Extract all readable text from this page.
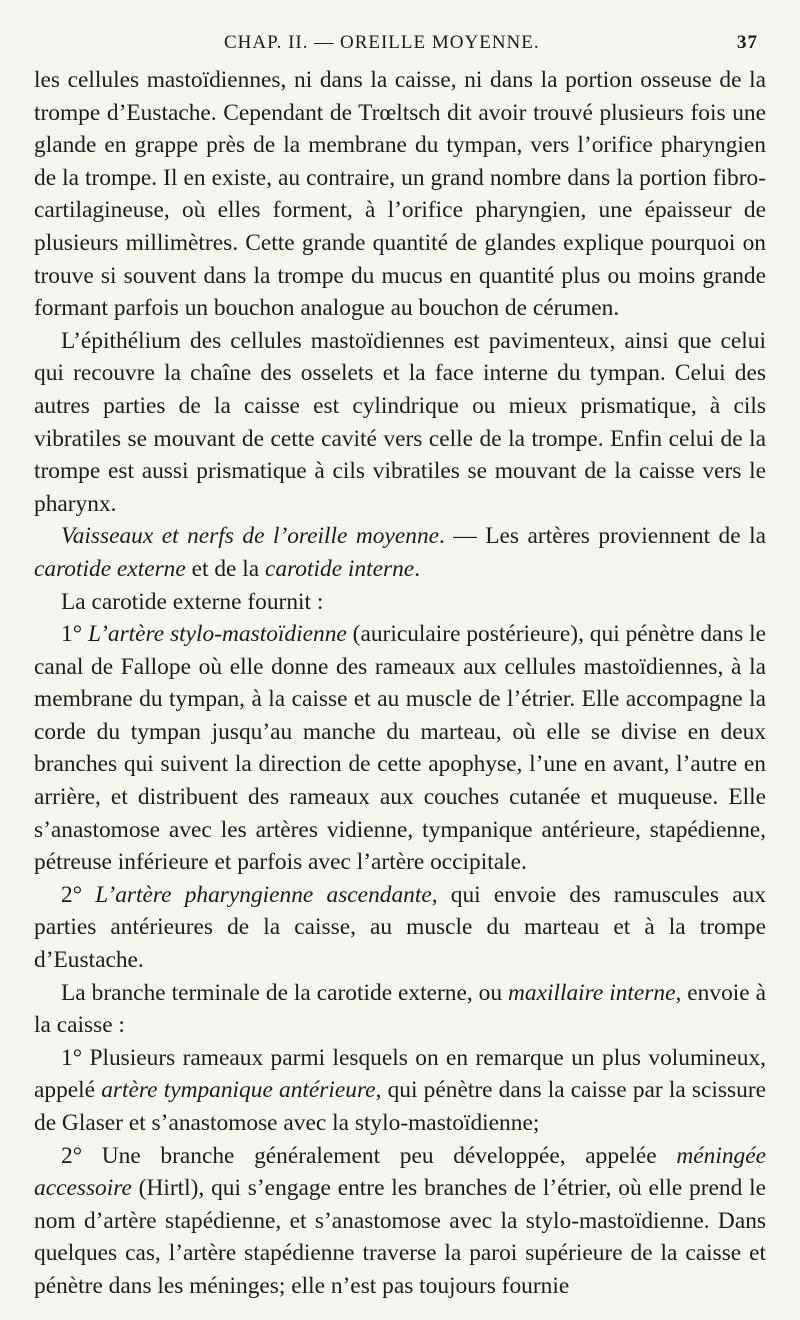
CHAP. II. — OREILLE MOYENNE.	37

les cellules mastoïdiennes, ni dans la caisse, ni dans la portion osseuse de la trompe d’Eustache. Cependant de Trœltsch dit avoir trouvé plusieurs fois une glande en grappe près de la membrane du tympan, vers l’orifice pharyngien de la trompe. Il en existe, au contraire, un grand nombre dans la portion fibro-cartilagineuse, où elles forment, à l’orifice pharyngien, une épaisseur de plusieurs millimètres. Cette grande quantité de glandes explique pourquoi on trouve si souvent dans la trompe du mucus en quantité plus ou moins grande formant parfois un bouchon analogue au bouchon de cérumen.

L’épithélium des cellules mastoïdiennes est pavimenteux, ainsi que celui qui recouvre la chaîne des osselets et la face interne du tympan. Celui des autres parties de la caisse est cylindrique ou mieux prismatique, à cils vibratiles se mouvant de cette cavité vers celle de la trompe. Enfin celui de la trompe est aussi prismatique à cils vibratiles se mouvant de la caisse vers le pharynx.

Vaisseaux et nerfs de l’oreille moyenne. — Les artères proviennent de la carotide externe et de la carotide interne.

La carotide externe fournit :

1° L’artère stylo-mastoïdienne (auriculaire postérieure), qui pénètre dans le canal de Fallope où elle donne des rameaux aux cellules mastoïdiennes, à la membrane du tympan, à la caisse et au muscle de l’étrier. Elle accompagne la corde du tympan jusqu’au manche du marteau, où elle se divise en deux branches qui suivent la direction de cette apophyse, l’une en avant, l’autre en arrière, et distribuent des rameaux aux couches cutanée et muqueuse. Elle s’anastomose avec les artères vidienne, tympanique antérieure, stapédienne, pétreuse inférieure et parfois avec l’artère occipitale.

2° L’artère pharyngienne ascendante, qui envoie des ramuscules aux parties antérieures de la caisse, au muscle du marteau et à la trompe d’Eustache.

La branche terminale de la carotide externe, ou maxillaire interne, envoie à la caisse :

1° Plusieurs rameaux parmi lesquels on en remarque un plus volumineux, appelé artère tympanique antérieure, qui pénètre dans la caisse par la scissure de Glaser et s’anastomose avec la stylo-mastoïdienne;

2° Une branche généralement peu développée, appelée méningée accessoire (Hirtl), qui s’engage entre les branches de l’étrier, où elle prend le nom d’artère stapédienne, et s’anastomose avec la stylo-mastoïdienne. Dans quelques cas, l’artère stapédienne traverse la paroi supérieure de la caisse et pénètre dans les méninges; elle n’est pas toujours fournie
